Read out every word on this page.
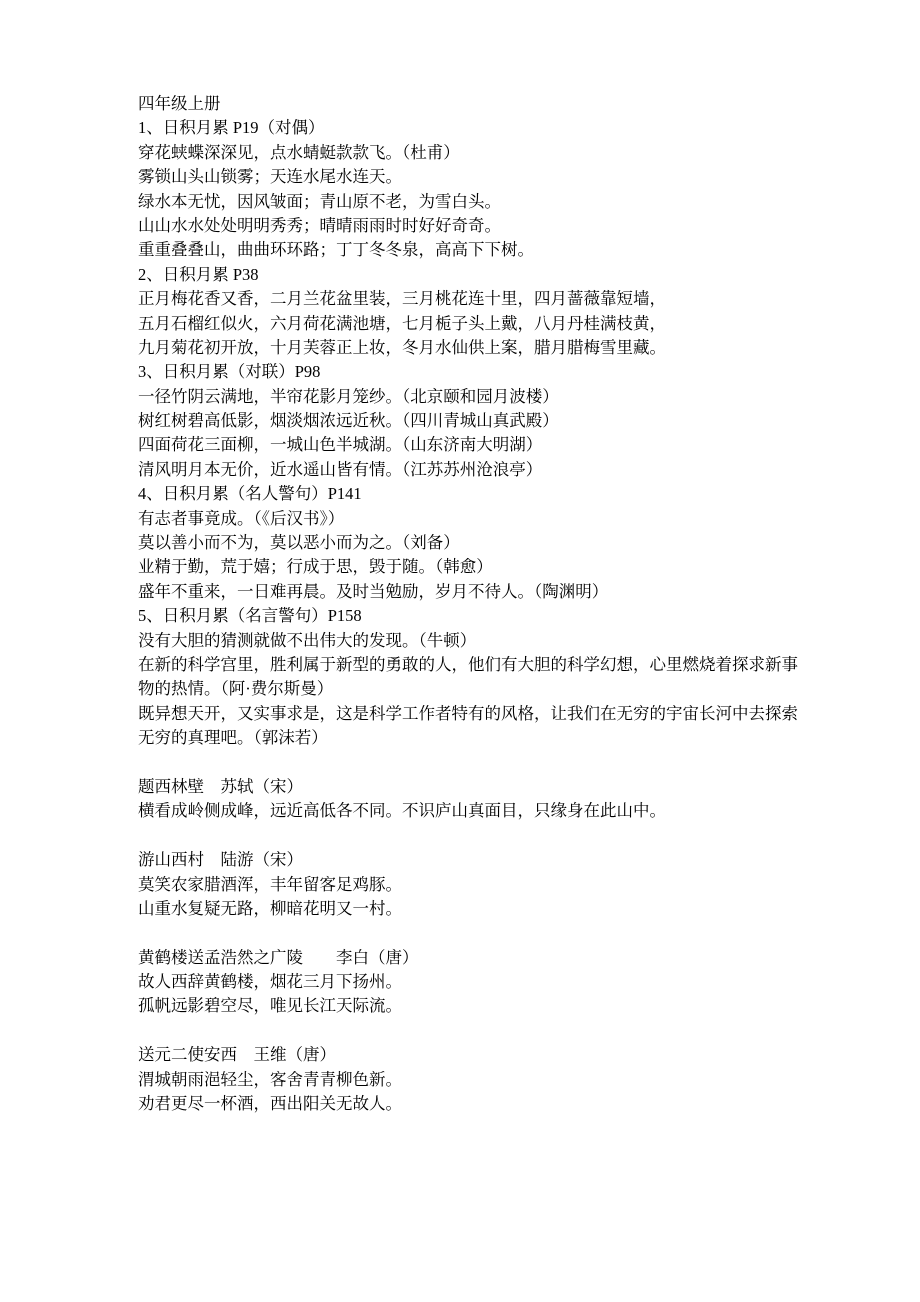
四年级上册
1、日积月累 P19（对偶）
穿花蛱蝶深深见，点水蜻蜓款款飞。（杜甫）
雾锁山头山锁雾；天连水尾水连天。
绿水本无忧，因风皱面；青山原不老，为雪白头。
山山水水处处明明秀秀；晴晴雨雨时时好好奇奇。
重重叠叠山，曲曲环环路；丁丁冬冬泉，高高下下树。
2、日积月累 P38
正月梅花香又香，二月兰花盆里装，三月桃花连十里，四月蔷薇靠短墙，
五月石榴红似火，六月荷花满池塘，七月栀子头上戴，八月丹桂满枝黄，
九月菊花初开放，十月芙蓉正上妆，冬月水仙供上案，腊月腊梅雪里藏。
3、日积月累（对联）P98
一径竹阴云满地，半帘花影月笼纱。（北京颐和园月波楼）
树红树碧高低影，烟淡烟浓远近秋。（四川青城山真武殿）
四面荷花三面柳，一城山色半城湖。（山东济南大明湖）
清风明月本无价，近水遥山皆有情。（江苏苏州沧浪亭）
4、日积月累（名人警句）P141
有志者事竟成。（《后汉书》）
莫以善小而不为，莫以恶小而为之。（刘备）
业精于勤，荒于嬉；行成于思，毁于随。（韩愈）
盛年不重来，一日难再晨。及时当勉励，岁月不待人。（陶渊明）
5、日积月累（名言警句）P158
没有大胆的猜测就做不出伟大的发现。（牛顿）
在新的科学宫里，胜利属于新型的勇敢的人，他们有大胆的科学幻想，心里燃烧着探求新事
物的热情。（阿·费尔斯曼）
既异想天开，又实事求是，这是科学工作者特有的风格，让我们在无穷的宇宙长河中去探索
无穷的真理吧。（郭沫若）
题西林壁　苏轼（宋）
横看成岭侧成峰，远近高低各不同。不识庐山真面目，只缘身在此山中。
游山西村　陆游（宋）
莫笑农家腊酒浑，丰年留客足鸡豚。
山重水复疑无路，柳暗花明又一村。
黄鹤楼送孟浩然之广陵　　李白（唐）
故人西辞黄鹤楼，烟花三月下扬州。
孤帆远影碧空尽，唯见长江天际流。
送元二使安西　王维（唐）
渭城朝雨浥轻尘，客舍青青柳色新。
劝君更尽一杯酒，西出阳关无故人。
